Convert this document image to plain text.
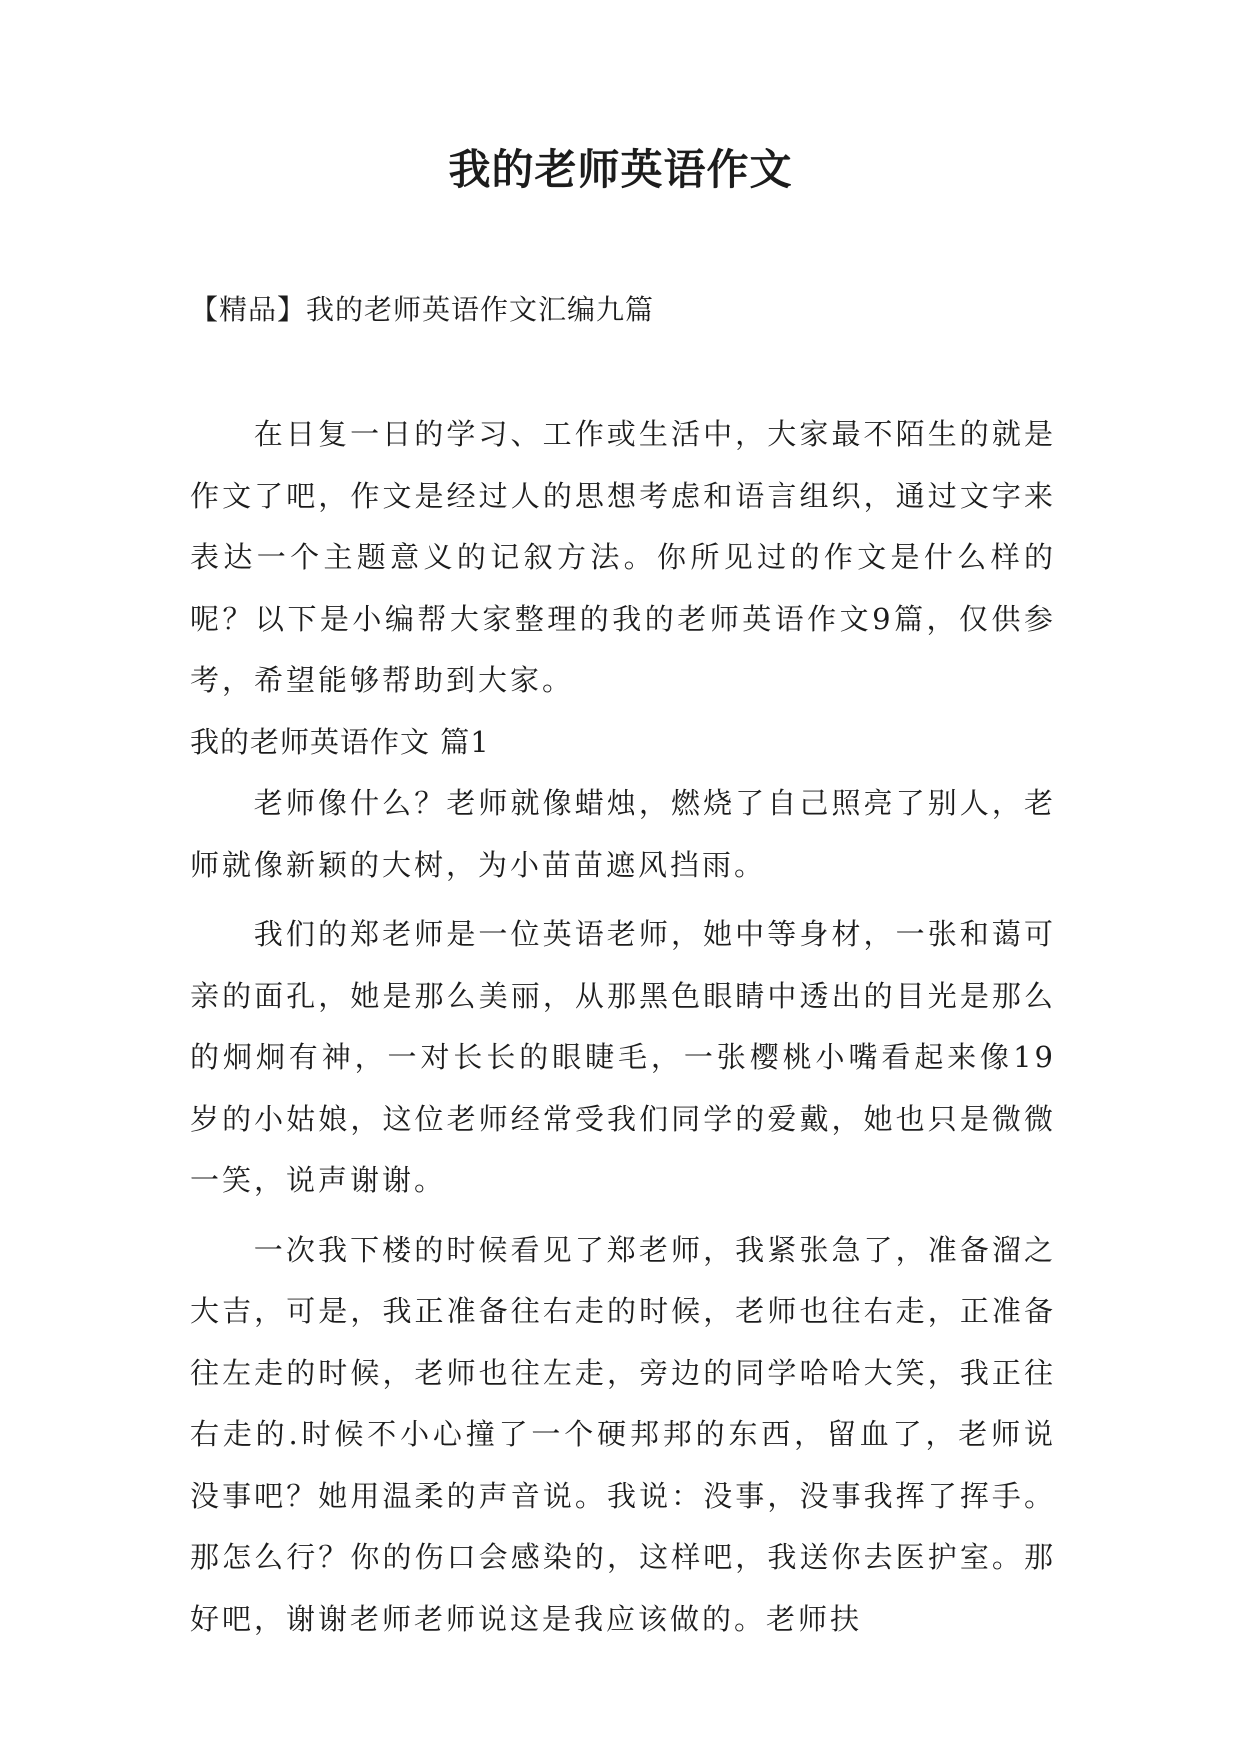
我的老师英语作文
【精品】我的老师英语作文汇编九篇

在日复一日的学习、工作或生活中，大家最不陌生的就是作文了吧，作文是经过人的思想考虑和语言组织，通过文字来表达一个主题意义的记叙方法。你所见过的作文是什么样的呢？以下是小编帮大家整理的我的老师英语作文9篇，仅供参考，希望能够帮助到大家。

我的老师英语作文 篇1

老师像什么？老师就像蜡烛，燃烧了自己照亮了别人，老师就像新颖的大树，为小苗苗遮风挡雨。

我们的郑老师是一位英语老师，她中等身材，一张和蔼可亲的面孔，她是那么美丽，从那黑色眼睛中透出的目光是那么的炯炯有神，一对长长的眼睫毛，一张樱桃小嘴看起来像19岁的小姑娘，这位老师经常受我们同学的爱戴，她也只是微微一笑，说声谢谢。

一次我下楼的时候看见了郑老师，我紧张急了，准备溜之大吉，可是，我正准备往右走的时候，老师也往右走，正准备往左走的时候，老师也往左走，旁边的同学哈哈大笑，我正往右走的.时候不小心撞了一个硬邦邦的东西，留血了，老师说没事吧？她用温柔的声音说。我说：没事，没事我挥了挥手。那怎么行？你的伤口会感染的，这样吧，我送你去医护室。那好吧，谢谢老师老师说这是我应该做的。老师扶
